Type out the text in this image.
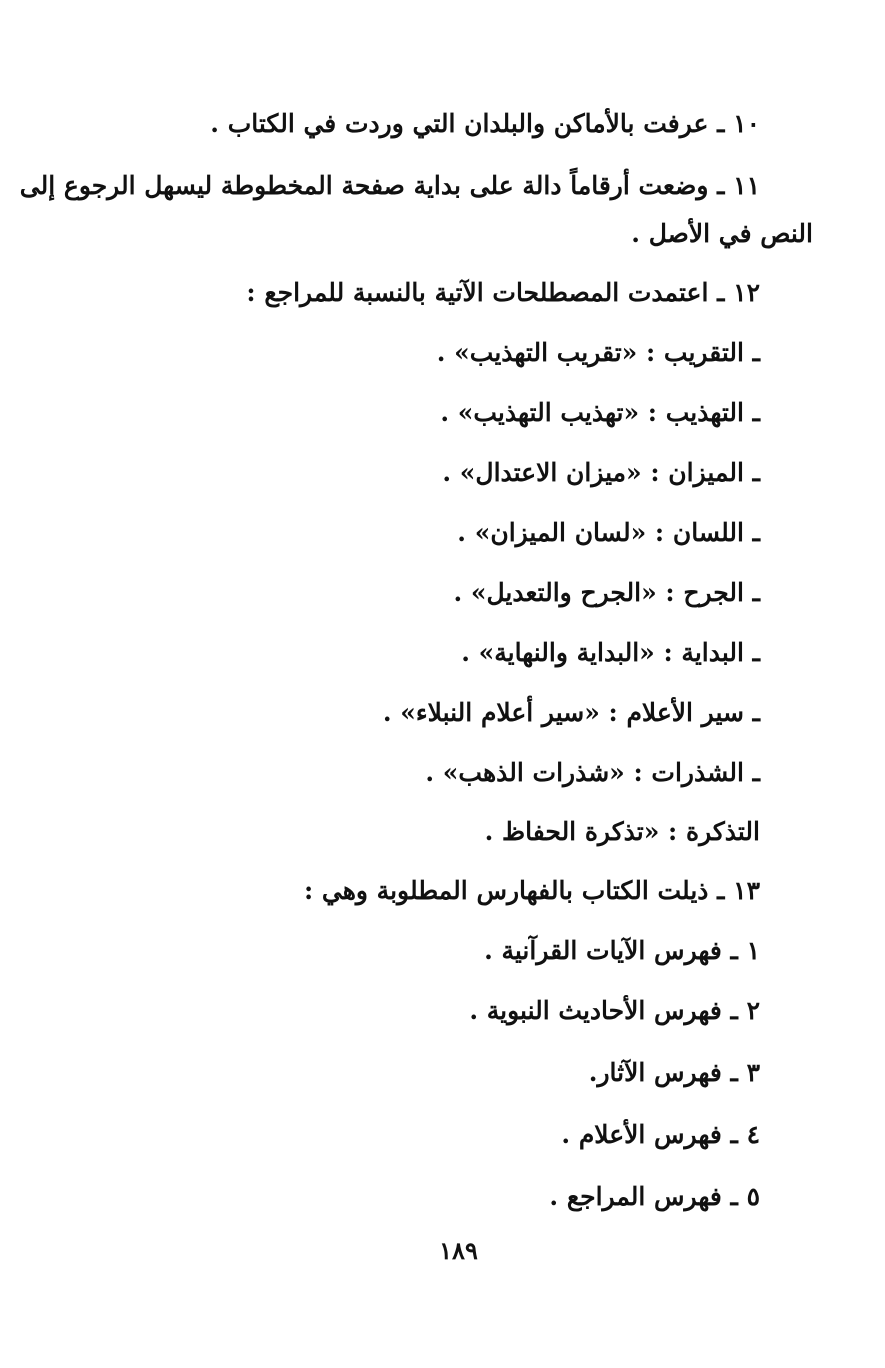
١٠ ـ عرفت بالأماكن والبلدان التي وردت في الكتاب .
١١ ـ وضعت أرقاماً دالة على بداية صفحة المخطوطة ليسهل الرجوع إلى
النص في الأصل .
١٢ ـ اعتمدت المصطلحات الآتية بالنسبة للمراجع :
ـ التقريب : «تقريب التهذيب» .
ـ التهذيب : «تهذيب التهذيب» .
ـ الميزان : «ميزان الاعتدال» .
ـ اللسان : «لسان الميزان» .
ـ الجرح : «الجرح والتعديل» .
ـ البداية : «البداية والنهاية» .
ـ سير الأعلام : «سير أعلام النبلاء» .
ـ الشذرات : «شذرات الذهب» .
التذكرة : «تذكرة الحفاظ .
١٣ ـ ذيلت الكتاب بالفهارس المطلوبة وهي :
١ ـ فهرس الآيات القرآنية .
٢ ـ فهرس الأحاديث النبوية .
٣ ـ فهرس الآثار.
٤ ـ فهرس الأعلام .
٥ ـ فهرس المراجع .
١٨٩
